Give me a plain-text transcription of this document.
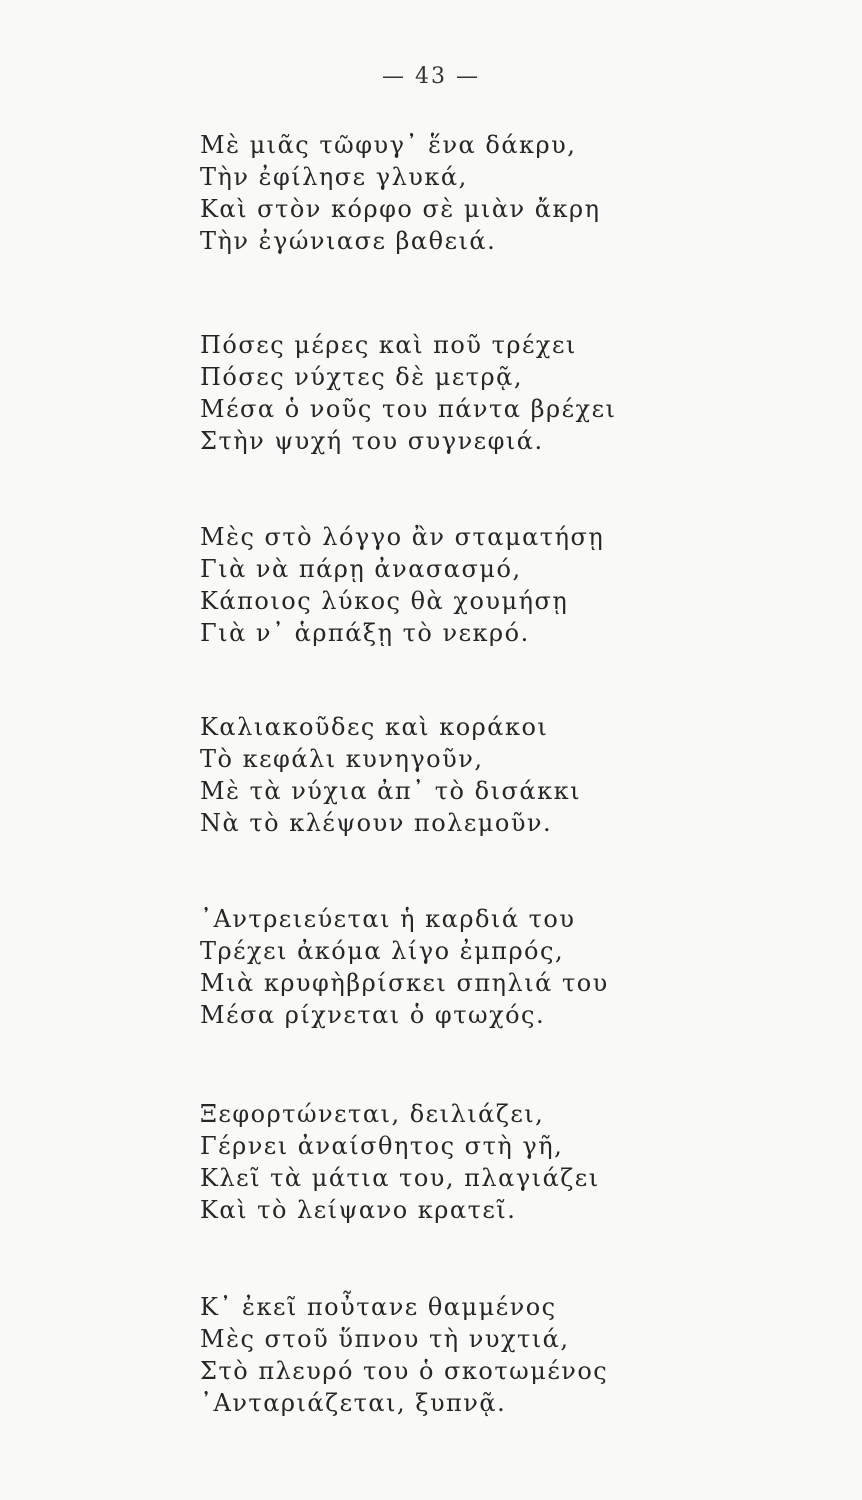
— 43 —
Μὲ μιᾶς τῶφυγ᾿ ἕνα δάκρυ,
Τὴν ἐφίλησε γλυκά,
Καὶ στὸν κόρφο σὲ μιὰν ἄκρη
Τὴν ἐγώνιασε βαθειά.
Πόσες μέρες καὶ ποῦ τρέχει
Πόσες νύχτες δὲ μετρᾷ,
Μέσα ὁ νοῦς του πάντα βρέχει
Στὴν ψυχή του συγνεφιά.
Μὲς στὸ λόγγο ἂν σταματήσῃ
Γιὰ νὰ πάρῃ ἀνασασμό,
Κάποιος λύκος θὰ χουμήσῃ
Γιὰ ν᾿ ἁρπάξῃ τὸ νεκρό.
Καλιακοῦδες καὶ κοράκοι
Τὸ κεφάλι κυνηγοῦν,
Μὲ τὰ νύχια ἀπ᾿ τὸ δισάκκι
Νὰ τὸ κλέψουν πολεμοῦν.
᾿Αντρειεύεται ἡ καρδιά του
Τρέχει ἀκόμα λίγο ἐμπρός,
Μιὰ κρυφὴβρίσκει σπηλιά του
Μέσα ρίχνεται ὁ φτωχός.
Ξεφορτώνεται, δειλιάζει,
Γέρνει ἀναίσθητος στὴ γῆ,
Κλεῖ τὰ μάτια του, πλαγιάζει
Καὶ τὸ λείψανο κρατεῖ.
Κ᾿ ἐκεῖ ποὖτανε θαμμένος
Μὲς στοῦ ὕπνου τὴ νυχτιά,
Στὸ πλευρό του ὁ σκοτωμένος
᾿Ανταριάζεται, ξυπνᾷ.
